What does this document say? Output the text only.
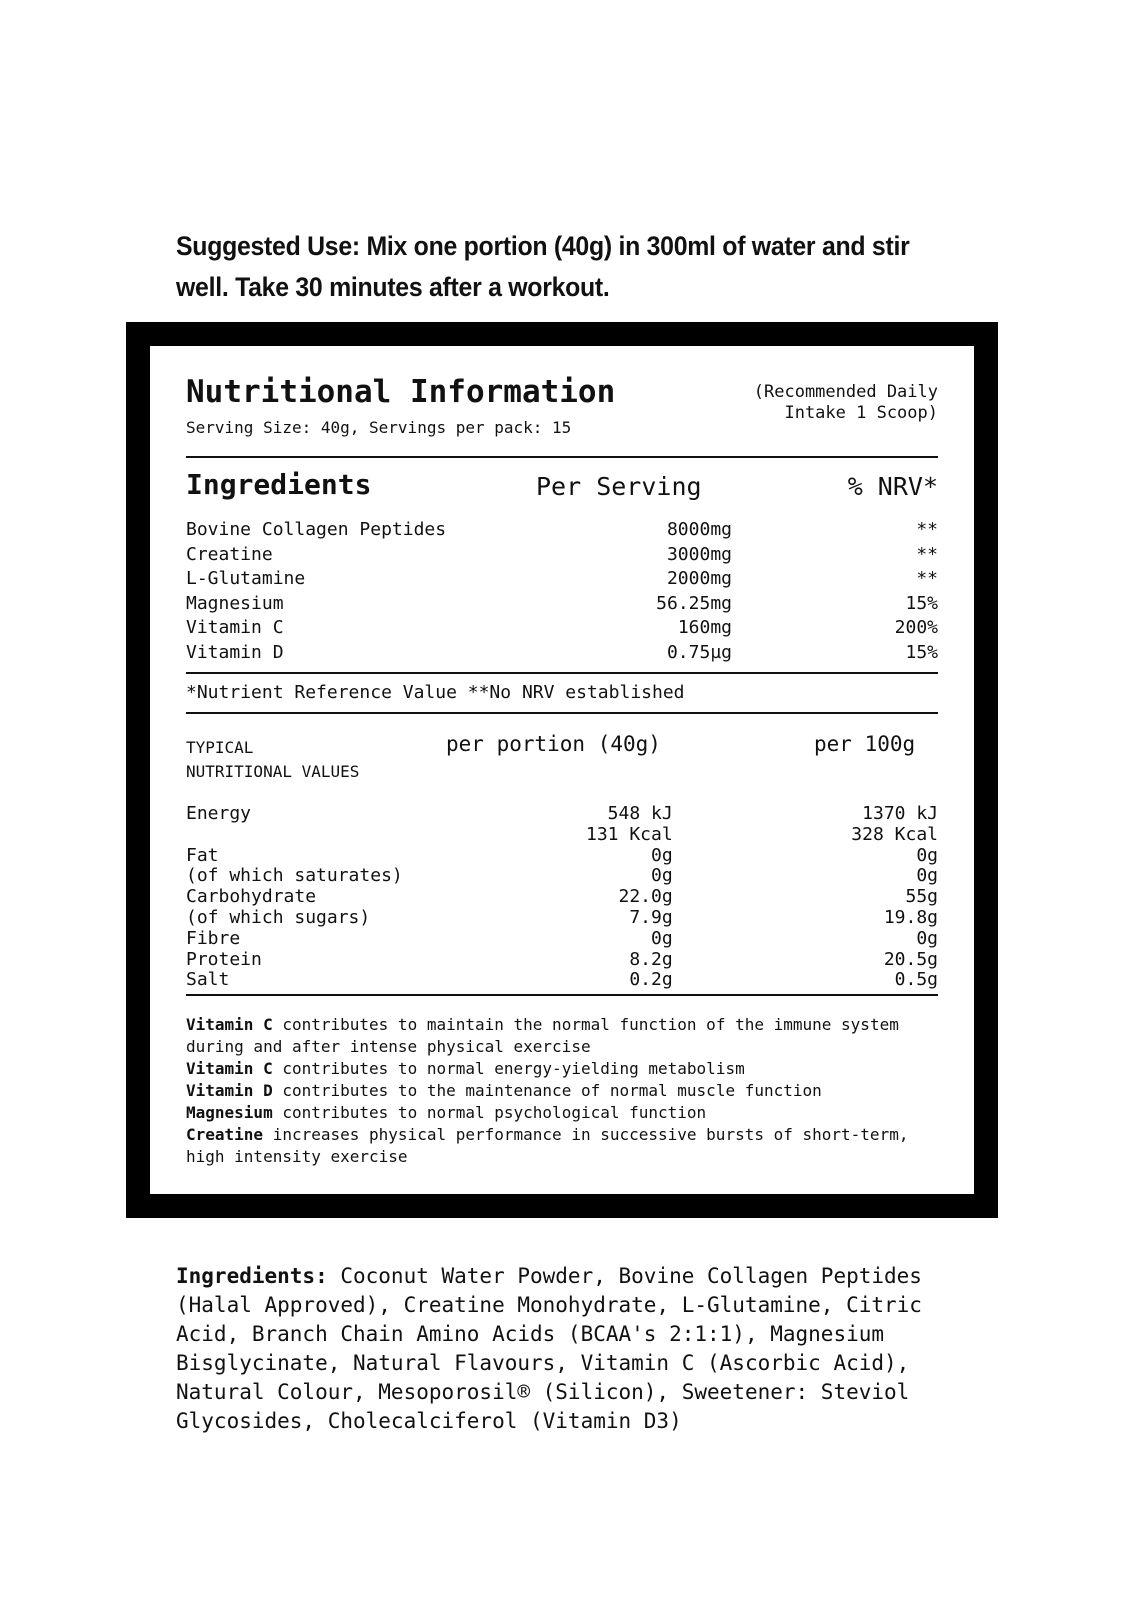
Suggested Use: Mix one portion (40g) in 300ml of water and stir well. Take 30 minutes after a workout.

Nutritional Information

Serving Size: 40g, Servings per pack: 15

(Recommended Daily Intake 1 Scoop)

Ingredients	Per Serving	% NRV*

Bovine Collagen Peptides	8000mg	**
Creatine	3000mg	**
L-Glutamine	2000mg	**
Magnesium	56.25mg	15%
Vitamin C	160mg	200%
Vitamin D	0.75µg	15%

*Nutrient Reference Value **No NRV established

TYPICAL
NUTRITIONAL VALUES

per portion (40g)	per 100g

Energy	548 kJ	1370 kJ
	131 Kcal	328 Kcal
Fat	0g	0g
(of which saturates)	0g	0g
Carbohydrate	22.0g	55g
(of which sugars)	7.9g	19.8g
Fibre	0g	0g
Protein	8.2g	20.5g
Salt	0.2g	0.5g

Vitamin C contributes to maintain the normal function of the immune system during and after intense physical exercise

Vitamin C contributes to normal energy-yielding metabolism

Vitamin D contributes to the maintenance of normal muscle function

Magnesium contributes to normal psychological function

Creatine increases physical performance in successive bursts of short-term, high intensity exercise

Ingredients: Coconut Water Powder, Bovine Collagen Peptides (Halal Approved), Creatine Monohydrate, L-Glutamine, Citric Acid, Branch Chain Amino Acids (BCAA's 2:1:1), Magnesium Bisglycinate, Natural Flavours, Vitamin C (Ascorbic Acid), Natural Colour, Mesoporosil® (Silicon), Sweetener: Steviol Glycosides, Cholecalciferol (Vitamin D3)
